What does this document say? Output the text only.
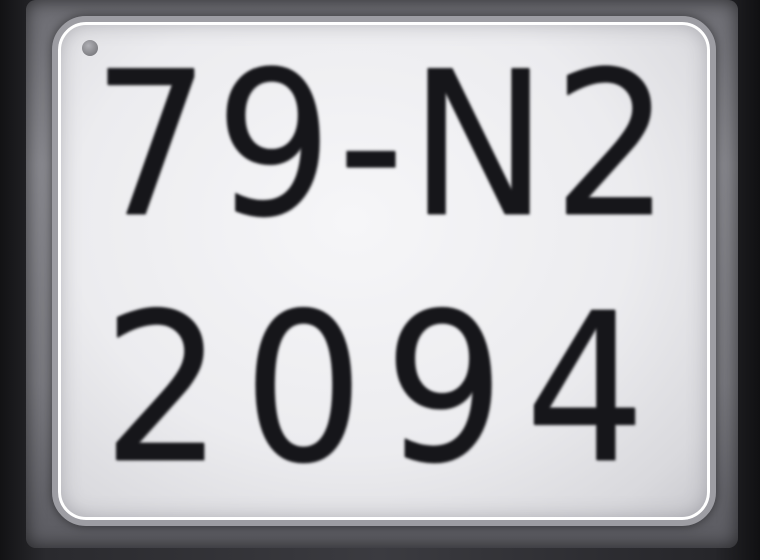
79-N2
2094
